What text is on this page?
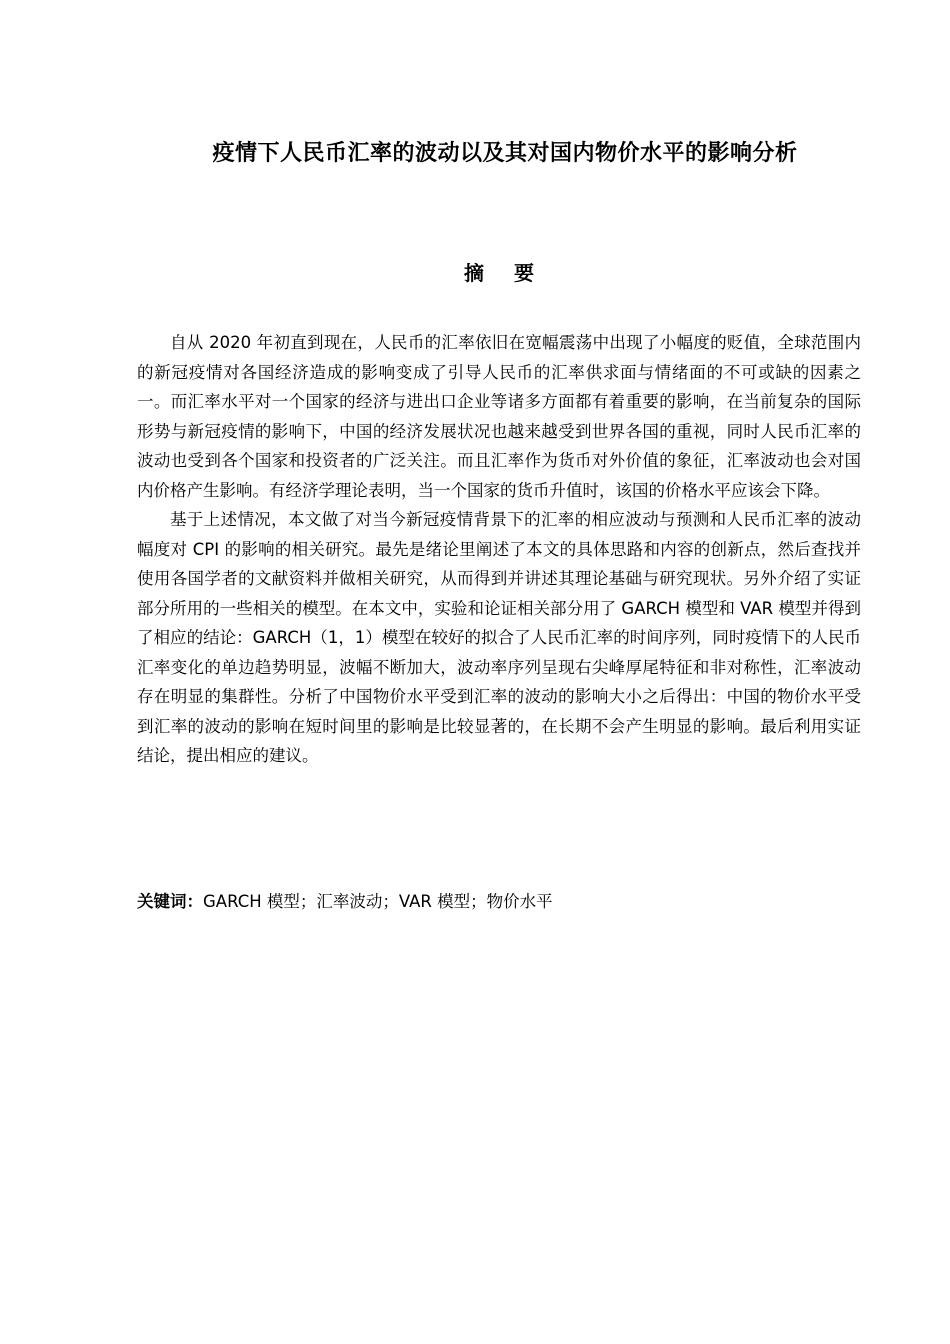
疫情下人民币汇率的波动以及其对国内物价水平的影响分析
摘 要

自从 2020 年初直到现在，人民币的汇率依旧在宽幅震荡中出现了小幅度的贬值，全球范围内的新冠疫情对各国经济造成的影响变成了引导人民币的汇率供求面与情绪面的不可或缺的因素之一。而汇率水平对一个国家的经济与进出口企业等诸多方面都有着重要的影响，在当前复杂的国际形势与新冠疫情的影响下，中国的经济发展状况也越来越受到世界各国的重视，同时人民币汇率的波动也受到各个国家和投资者的广泛关注。而且汇率作为货币对外价值的象征，汇率波动也会对国内价格产生影响。有经济学理论表明，当一个国家的货币升值时，该国的价格水平应该会下降。

基于上述情况，本文做了对当今新冠疫情背景下的汇率的相应波动与预测和人民币汇率的波动幅度对 CPI 的影响的相关研究。最先是绪论里阐述了本文的具体思路和内容的创新点，然后查找并使用各国学者的文献资料并做相关研究，从而得到并讲述其理论基础与研究现状。另外介绍了实证部分所用的一些相关的模型。在本文中，实验和论证相关部分用了 GARCH 模型和 VAR 模型并得到了相应的结论：GARCH（1，1）模型在较好的拟合了人民币汇率的时间序列，同时疫情下的人民币汇率变化的单边趋势明显，波幅不断加大，波动率序列呈现右尖峰厚尾特征和非对称性，汇率波动存在明显的集群性。分析了中国物价水平受到汇率的波动的影响大小之后得出：中国的物价水平受到汇率的波动的影响在短时间里的影响是比较显著的，在长期不会产生明显的影响。最后利用实证结论，提出相应的建议。

关键词：GARCH 模型；汇率波动；VAR 模型；物价水平
